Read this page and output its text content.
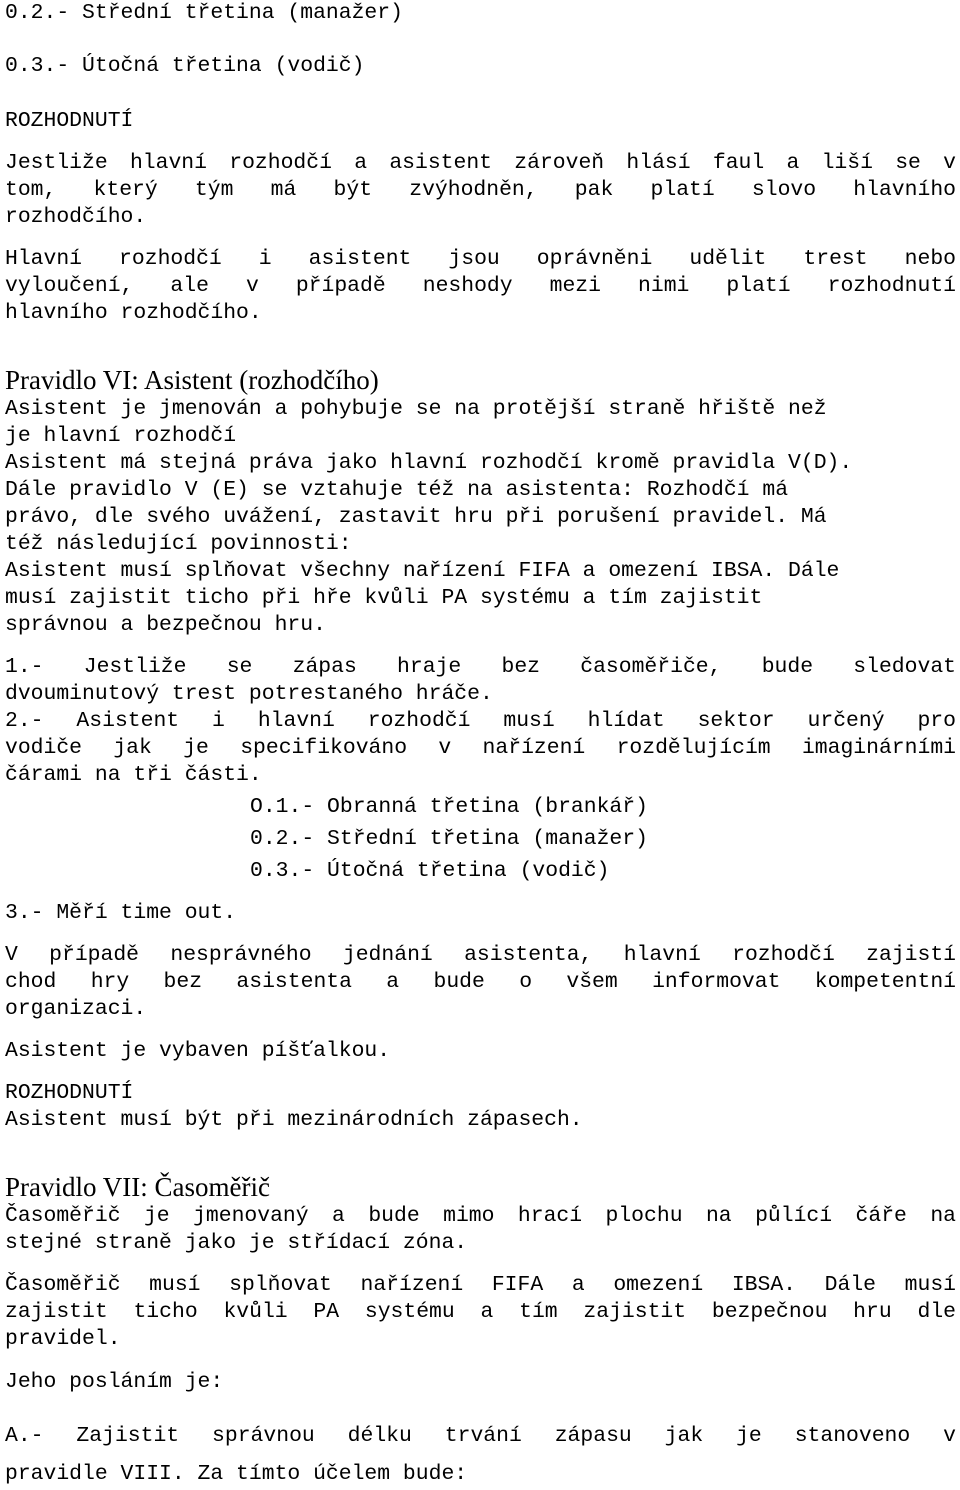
0.2.- Střední třetina (manažer)
0.3.- Útočná třetina (vodič)
ROZHODNUTÍ
Jestliže hlavní rozhodčí a asistent zároveň hlásí faul a liší se v
tom, který tým má být zvýhodněn, pak platí slovo hlavního
rozhodčího.
Hlavní rozhodčí i asistent jsou oprávněni udělit trest nebo
vyloučení, ale v případě neshody mezi nimi platí rozhodnutí
hlavního rozhodčího.
Pravidlo VI: Asistent (rozhodčího)
Asistent je jmenován a pohybuje se na protější straně hřiště než
je hlavní rozhodčí
Asistent má stejná práva jako hlavní rozhodčí kromě pravidla V(D).
Dále pravidlo V (E) se vztahuje též na asistenta: Rozhodčí má
právo, dle svého uvážení, zastavit hru při porušení pravidel. Má
též následující povinnosti:
Asistent musí splňovat všechny nařízení FIFA a omezení IBSA. Dále
musí zajistit ticho při hře kvůli PA systému a tím zajistit
správnou a bezpečnou hru.
1.- Jestliže se zápas hraje bez časoměřiče, bude sledovat
dvouminutový trest potrestaného hráče.
2.- Asistent i hlavní rozhodčí musí hlídat sektor určený pro
vodiče jak je specifikováno v nařízení rozdělujícím imaginárními
čárami na tři části.
O.1.- Obranná třetina (brankář)
0.2.- Střední třetina (manažer)
0.3.- Útočná třetina (vodič)
3.- Měří time out.
V případě nesprávného jednání asistenta, hlavní rozhodčí zajistí
chod hry bez asistenta a bude o všem informovat kompetentní
organizaci.
Asistent je vybaven píšťalkou.
ROZHODNUTÍ
Asistent musí být při mezinárodních zápasech.
Pravidlo VII: Časoměřič
Časoměřič je jmenovaný a bude mimo hrací plochu na půlící čáře na
stejné straně jako je střídací zóna.
Časoměřič musí splňovat nařízení FIFA a omezení IBSA. Dále musí
zajistit ticho kvůli PA systému a tím zajistit bezpečnou hru dle
pravidel.
Jeho posláním je:
A.- Zajistit správnou délku trvání zápasu jak je stanoveno v
pravidle VIII. Za tímto účelem bude:
